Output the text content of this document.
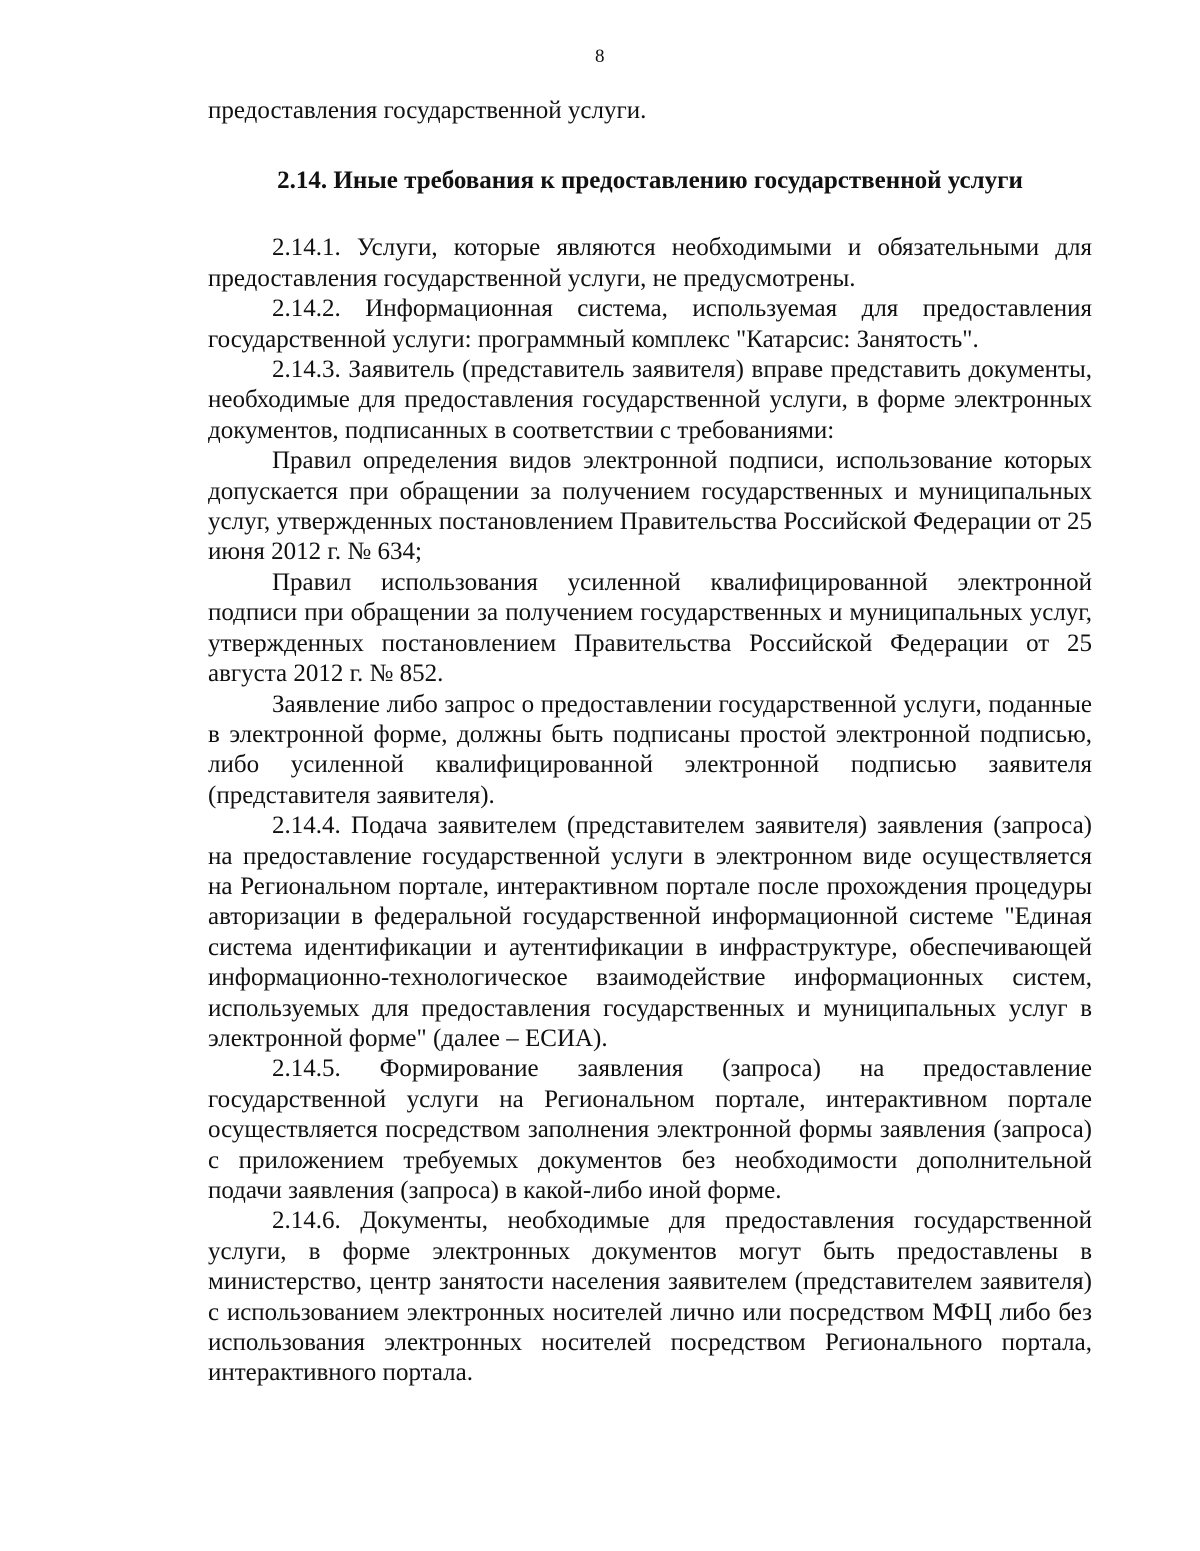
8

предоставления государственной услуги.

2.14. Иные требования к предоставлению государственной услуги

2.14.1. Услуги, которые являются необходимыми и обязательными для предоставления государственной услуги, не предусмотрены.

2.14.2. Информационная система, используемая для предоставления государственной услуги: программный комплекс "Катарсис: Занятость".

2.14.3. Заявитель (представитель заявителя) вправе представить документы, необходимые для предоставления государственной услуги, в форме электронных документов, подписанных в соответствии с требованиями:

Правил определения видов электронной подписи, использование которых допускается при обращении за получением государственных и муниципальных услуг, утвержденных постановлением Правительства Российской Федерации от 25 июня 2012 г. № 634;

Правил использования усиленной квалифицированной электронной подписи при обращении за получением государственных и муниципальных услуг, утвержденных постановлением Правительства Российской Федерации от 25 августа 2012 г. № 852.

Заявление либо запрос о предоставлении государственной услуги, поданные в электронной форме, должны быть подписаны простой электронной подписью, либо усиленной квалифицированной электронной подписью заявителя (представителя заявителя).

2.14.4. Подача заявителем (представителем заявителя) заявления (запроса) на предоставление государственной услуги в электронном виде осуществляется на Региональном портале, интерактивном портале после прохождения процедуры авторизации в федеральной государственной информационной системе "Единая система идентификации и аутентификации в инфраструктуре, обеспечивающей информационно-технологическое взаимодействие информационных систем, используемых для предоставления государственных и муниципальных услуг в электронной форме" (далее – ЕСИА).

2.14.5. Формирование заявления (запроса) на предоставление государственной услуги на Региональном портале, интерактивном портале осуществляется посредством заполнения электронной формы заявления (запроса) с приложением требуемых документов без необходимости дополнительной подачи заявления (запроса) в какой-либо иной форме.

2.14.6. Документы, необходимые для предоставления государственной услуги, в форме электронных документов могут быть предоставлены в министерство, центр занятости населения заявителем (представителем заявителя) с использованием электронных носителей лично или посредством МФЦ либо без использования электронных носителей посредством Регионального портала, интерактивного портала.
